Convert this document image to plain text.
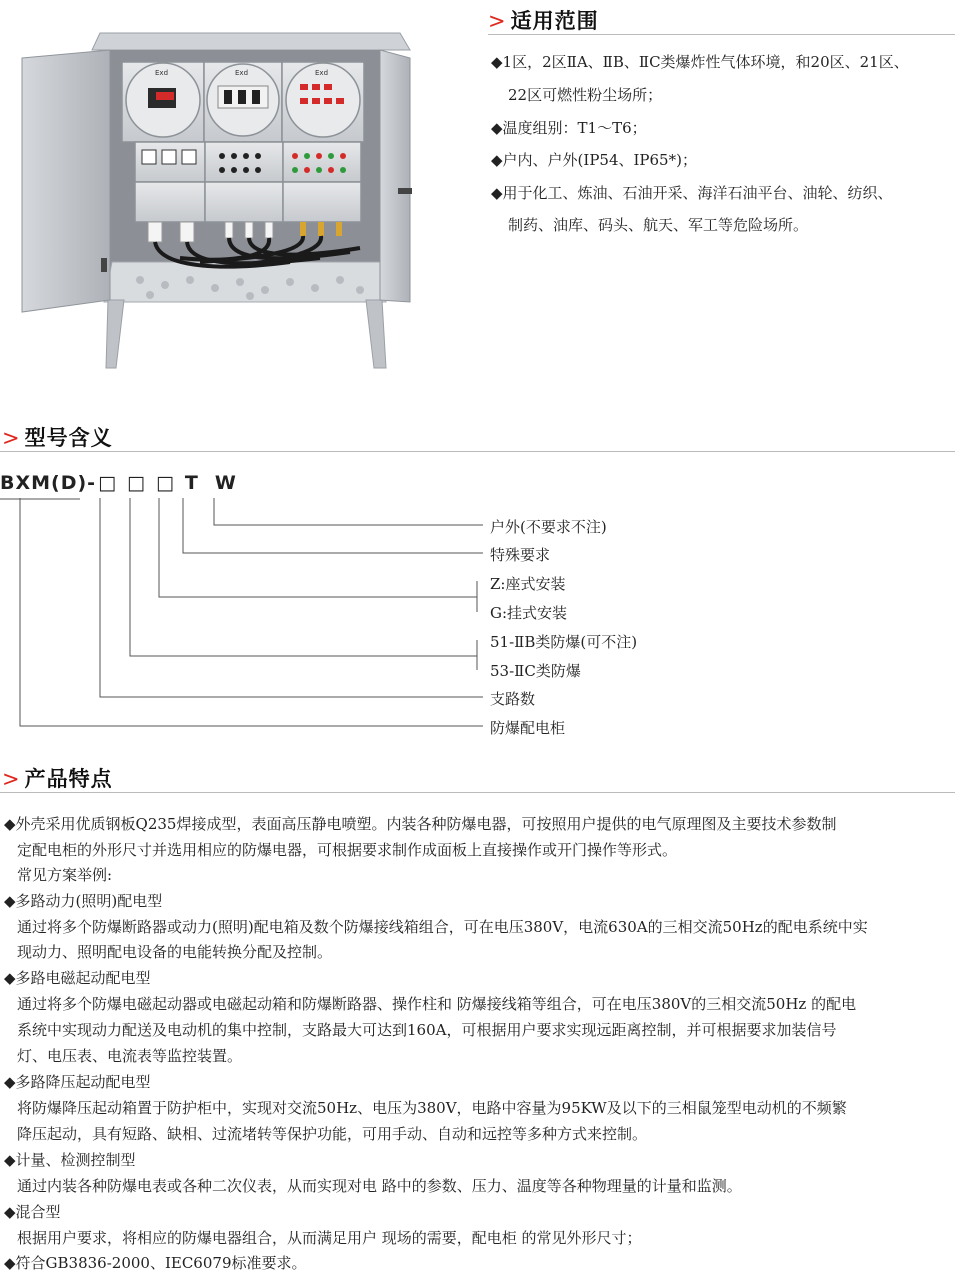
Exd	Exd	Exd
> 适用范围
◆1区，2区ⅡA、ⅡB、ⅡC类爆炸性气体环境，和20区、21区、
22区可燃性粉尘场所；
◆温度组别：T1～T6；
◆户内、户外(IP54、IP65*)；
◆用于化工、炼油、石油开采、海洋石油平台、油轮、纺织、
制药、油库、码头、航天、军工等危险场所。
> 型号含义
BXM(D)- □ □ □ T W
户外(不要求不注)
特殊要求
Z:座式安装
G:挂式安装
51-ⅡB类防爆(可不注)
53-ⅡC类防爆
支路数
防爆配电柜
> 产品特点
◆外壳采用优质钢板Q235焊接成型，表面高压静电喷塑。内装各种防爆电器，可按照用户提供的电气原理图及主要技术参数制
定配电柜的外形尺寸并选用相应的防爆电器，可根据要求制作成面板上直接操作或开门操作等形式。
常见方案举例:
◆多路动力(照明)配电型
通过将多个防爆断路器或动力(照明)配电箱及数个防爆接线箱组合，可在电压380V，电流630A的三相交流50Hz的配电系统中实
现动力、照明配电设备的电能转换分配及控制。
◆多路电磁起动配电型
通过将多个防爆电磁起动器或电磁起动箱和防爆断路器、操作柱和 防爆接线箱等组合，可在电压380V的三相交流50Hz 的配电
系统中实现动力配送及电动机的集中控制，支路最大可达到160A，可根据用户要求实现远距离控制，并可根据要求加装信号
灯、电压表、电流表等监控装置。
◆多路降压起动配电型
将防爆降压起动箱置于防护柜中，实现对交流50Hz、电压为380V，电路中容量为95KW及以下的三相鼠笼型电动机的不频繁
降压起动，具有短路、缺相、过流堵转等保护功能，可用手动、自动和远控等多种方式来控制。
◆计量、检测控制型
通过内装各种防爆电表或各种二次仪表，从而实现对电 路中的参数、压力、温度等各种物理量的计量和监测。
◆混合型
根据用户要求，将相应的防爆电器组合，从而满足用户 现场的需要，配电柜 的常见外形尺寸；
◆符合GB3836-2000、IEC6079标准要求。
